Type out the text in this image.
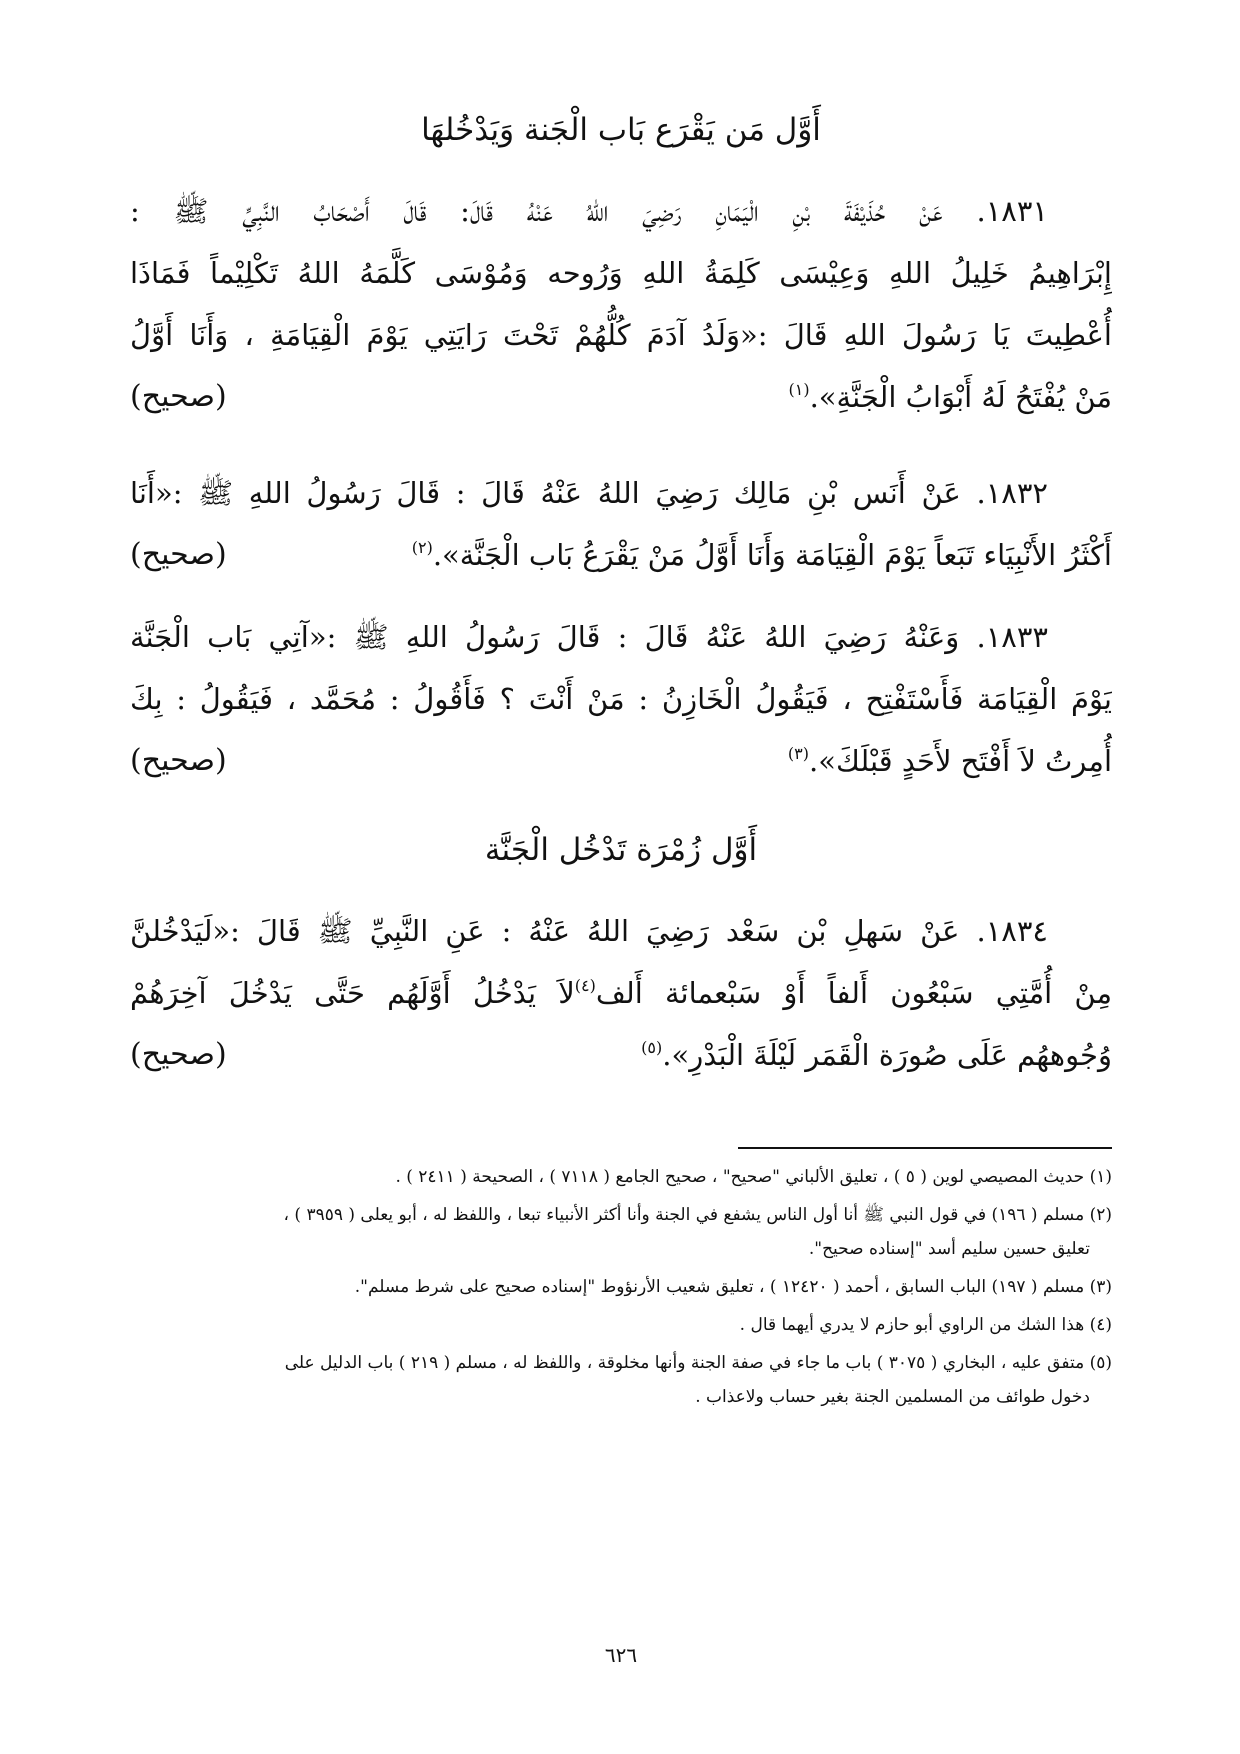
أَوَّل مَن يَقْرَع بَاب الْجَنة وَيَدْخُلهَا
١٨٣١. عَنْ حُذَيْفَةَ بْنِ الْيَمَانِ رَضِيَ اللهُ عَنْهُ قَالَ: قَالَ أَصْحَابُ النَّبِيِّ ﷺ :
إِبْرَاهِيمُ خَلِيلُ اللهِ وَعِيْسَى كَلِمَةُ اللهِ وَرُوحه وَمُوْسَى كَلَّمَهُ اللهُ تَكْلِيْماً فَمَاذَا
أُعْطِيتَ يَا رَسُولَ اللهِ قَالَ :«وَلَدُ آدَمَ كُلُّهُمْ تَحْتَ رَايَتِي يَوْمَ الْقِيَامَةِ ، وَأَنَا أَوَّلُ
مَنْ يُفْتَحُ لَهُ أَبْوَابُ الْجَنَّةِ».$^{(١)}$
(صحيح)
١٨٣٢. عَنْ أَنَس بْنِ مَالِك رَضِيَ اللهُ عَنْهُ قَالَ : قَالَ رَسُولُ اللهِ ﷺ :«أَنَا
أَكْثَرُ الأَنْبِيَاء تَبَعاً يَوْمَ الْقِيَامَة وَأَنَا أَوَّلُ مَنْ يَقْرَعُ بَاب الْجَنَّة».$^{(٢)}$
(صحيح)
١٨٣٣. وَعَنْهُ رَضِيَ اللهُ عَنْهُ قَالَ : قَالَ رَسُولُ اللهِ ﷺ :«آتِي بَاب الْجَنَّة
يَوْمَ الْقِيَامَة فَأَسْتَفْتِح ، فَيَقُولُ الْخَازِنُ : مَنْ أَنْتَ ؟ فَأَقُولُ : مُحَمَّد ، فَيَقُولُ : بِكَ
أُمِرتُ لاَ أَفْتَح لأَحَدٍ قَبْلَكَ».$^{(٣)}$
(صحيح)
أَوَّل زُمْرَة تَدْخُل الْجَنَّة
١٨٣٤. عَنْ سَهلِ بْن سَعْد رَضِيَ اللهُ عَنْهُ : عَنِ النَّبِيِّ ﷺ قَالَ :«لَيَدْخُلنَّ
مِنْ أُمَّتِي سَبْعُون أَلفاً أَوْ سَبْعمائة أَلف$^{(٤)}$لاَ يَدْخُلُ أَوَّلَهُم حَتَّى يَدْخُلَ آخِرَهُمْ
وُجُوههُم عَلَى صُورَة الْقَمَر لَيْلَةَ الْبَدْرِ».$^{(٥)}$
(صحيح)
(١) حديث المصيصي لوين ( ٥ ) ، تعليق الألباني "صحيح" ، صحيح الجامع ( ٧١١٨ ) ، الصحيحة ( ٢٤١١ ) .
(٢) مسلم ( ١٩٦) في قول النبي ﷺ أنا أول الناس يشفع في الجنة وأنا أكثر الأنبياء تبعا ، واللفظ له ، أبو يعلى ( ٣٩٥٩ ) ،
تعليق حسين سليم أسد "إسناده صحيح".
(٣) مسلم ( ١٩٧) الباب السابق ، أحمد ( ١٢٤٢٠ ) ، تعليق شعيب الأرنؤوط "إسناده صحيح على شرط مسلم".
(٤) هذا الشك من الراوي أبو حازم لا يدري أيهما قال .
(٥) متفق عليه ، البخاري ( ٣٠٧٥ ) باب ما جاء في صفة الجنة وأنها مخلوقة ، واللفظ له ، مسلم ( ٢١٩ ) باب الدليل على
دخول طوائف من المسلمين الجنة بغير حساب ولاعذاب .
٦٢٦
